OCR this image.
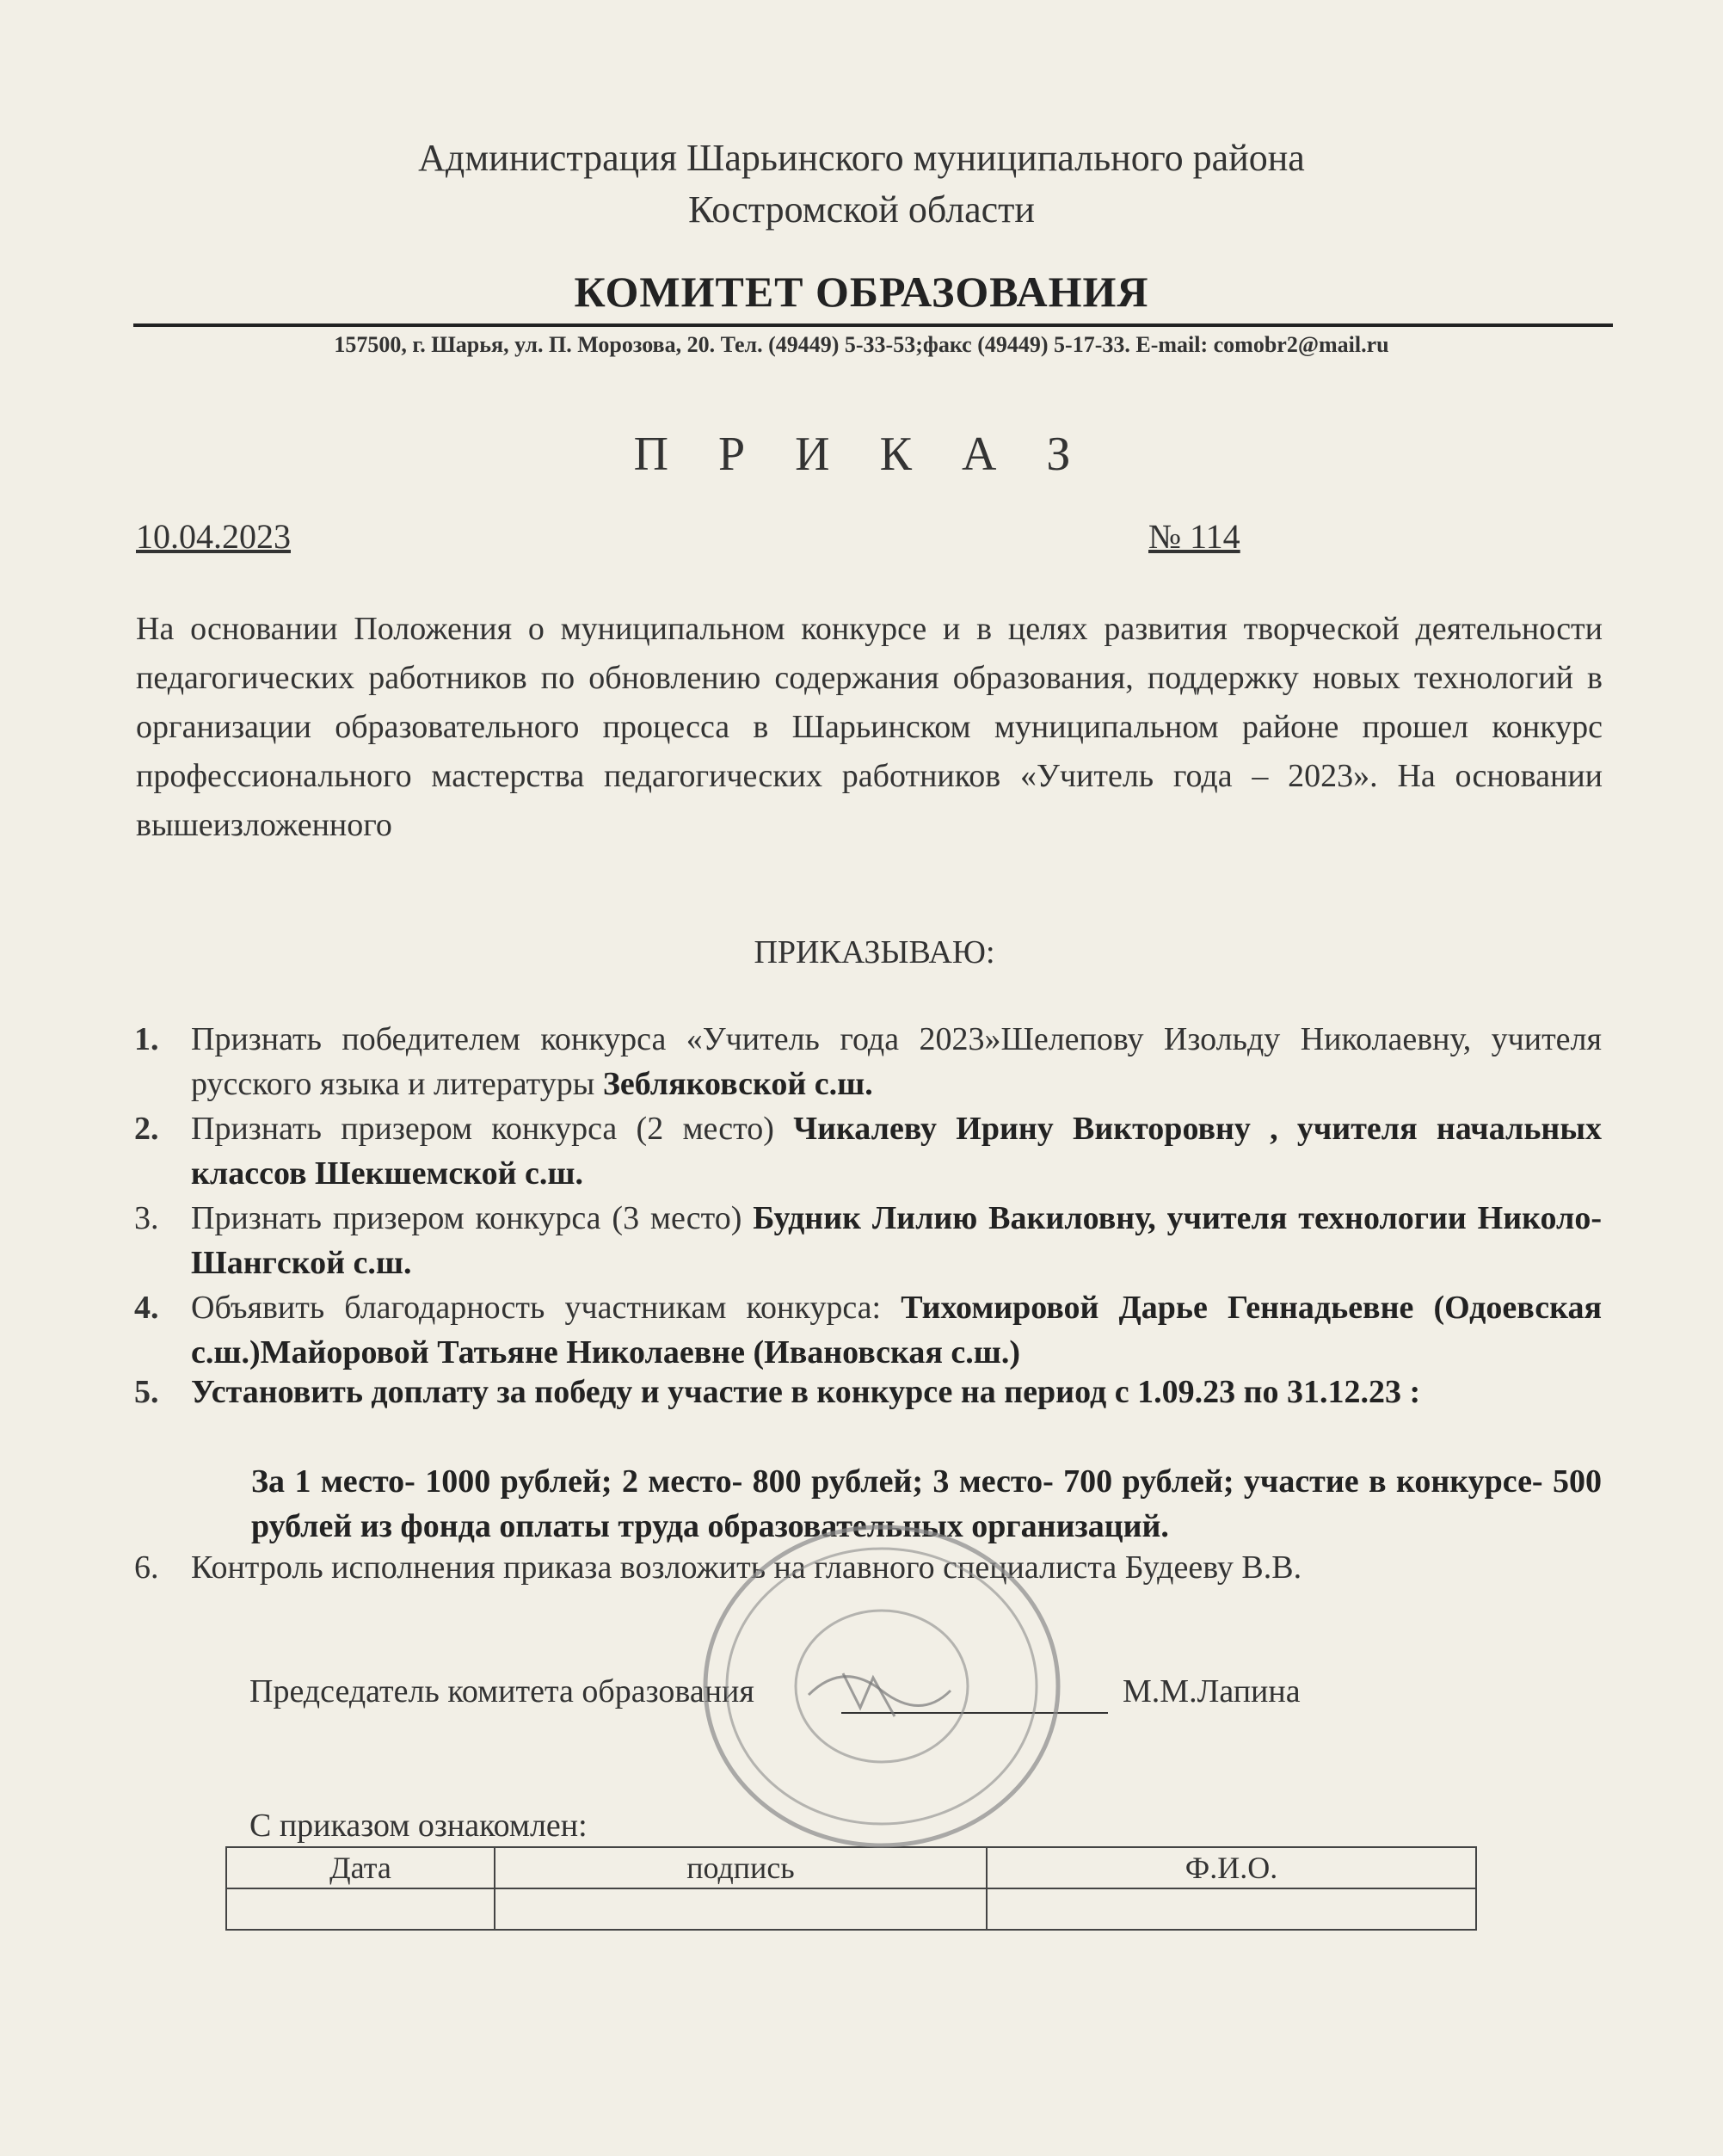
Администрация Шарьинского муниципального района
Костромской области
КОМИТЕТ ОБРАЗОВАНИЯ
157500, г. Шарья, ул. П. Морозова, 20. Тел. (49449) 5-33-53;факс (49449) 5-17-33. E-mail: comobr2@mail.ru
П Р И К А З
10.04.2023	№ 114
На основании Положения о муниципальном конкурсе и в целях развития творческой деятельности педагогических работников по обновлению содержания образования, поддержку новых технологий в организации образовательного процесса в Шарьинском муниципальном районе прошел конкурс профессионального мастерства педагогических работников «Учитель года – 2023». На основании вышеизложенного
ПРИКАЗЫВАЮ:
1. Признать победителем конкурса «Учитель года 2023»Шелепову Изольду Николаевну, учителя русского языка и литературы Зебляковской с.ш.
2. Признать призером конкурса (2 место) Чикалеву Ирину Викторовну , учителя начальных классов Шекшемской с.ш.
3. Признать призером конкурса (3 место) Будник Лилию Вакиловну, учителя технологии Николо-Шангской с.ш.
4. Объявить благодарность участникам конкурса: Тихомировой Дарье Геннадьевне (Одоевская с.ш.)Майоровой Татьяне Николаевне (Ивановская с.ш.)
5. Установить доплату за победу и участие в конкурсе на период с 1.09.23 по 31.12.23 :
За 1 место- 1000 рублей; 2 место- 800 рублей; 3 место- 700 рублей; участие в конкурсе- 500 рублей из фонда оплаты труда образовательных организаций.
6. Контроль исполнения приказа возложить на главного специалиста Будееву В.В.
Председатель комитета образования	М.М.Лапина
С приказом ознакомлен:
Дата	подпись	Ф.И.О.
